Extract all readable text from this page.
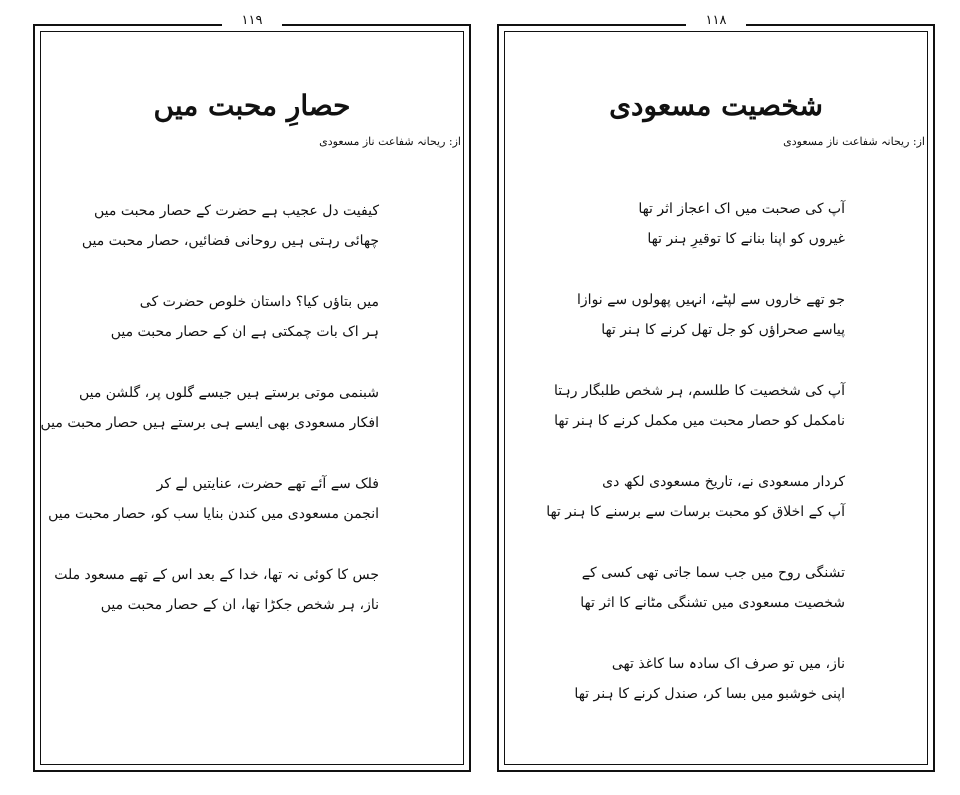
۱۱۹
حصارِ محبت میں
از: ریحانہ شفاعت ناز مسعودی
کیفیت دل عجیب ہے حضرت کے حصار محبت میں
چھائی رہتی ہیں روحانی فضائیں، حصار محبت میں
میں بتاؤں کیا؟ داستان خلوص حضرت کی
ہر اک بات چمکتی ہے ان کے حصار محبت میں
شبنمی موتی برستے ہیں جیسے گلوں پر، گلشن میں
افکار مسعودی بھی ایسے ہی برستے ہیں حصار محبت میں
فلک سے آئے تھے حضرت، عنایتیں لے کر
انجمن مسعودی میں کندن بنایا سب کو، حصار محبت میں
جس کا کوئی نہ تھا، خدا کے بعد اس کے تھے مسعود ملت
ناز، ہر شخص جکڑا تھا، ان کے حصار محبت میں
۱۱۸
شخصیت مسعودی
از: ریحانہ شفاعت ناز مسعودی
آپ کی صحبت میں اک اعجاز اثر تھا
غیروں کو اپنا بنانے کا توقیرِ ہنر تھا
جو تھے خاروں سے لپٹے، انہیں پھولوں سے نوازا
پیاسے صحراؤں کو جل تھل کرنے کا ہنر تھا
آپ کی شخصیت کا طلسم، ہر شخص طلبگار رہتا
نامکمل کو حصار محبت میں مکمل کرنے کا ہنر تھا
کردار مسعودی نے، تاریخ مسعودی لکھ دی
آپ کے اخلاق کو محبت برسات سے برسنے کا ہنر تھا
تشنگی روح میں جب سما جاتی تھی کسی کے
شخصیت مسعودی میں تشنگی مٹانے کا اثر تھا
ناز، میں تو صرف اک سادہ سا کاغذ تھی
اپنی خوشبو میں بسا کر، صندل کرنے کا ہنر تھا
